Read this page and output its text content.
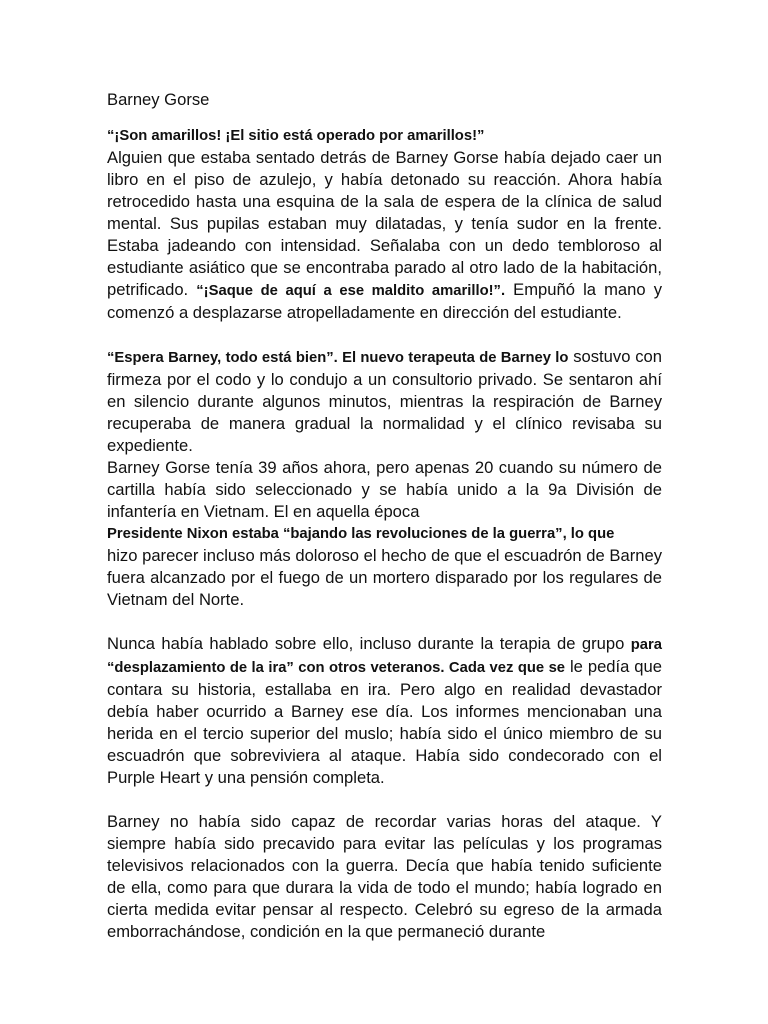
Barney Gorse

“¡Son amarillos! ¡El sitio está operado por amarillos!”

Alguien que estaba sentado detrás de Barney Gorse había dejado caer un libro en el piso de azulejo, y había detonado su reacción. Ahora había retrocedido hasta una esquina de la sala de espera de la clínica de salud mental. Sus pupilas estaban muy dilatadas, y tenía sudor en la frente. Estaba jadeando con intensidad. Señalaba con un dedo tembloroso al estudiante asiático que se encontraba parado al otro lado de la habitación, petrificado. “¡Saque de aquí a ese maldito amarillo!”. Empuñó la mano y comenzó a desplazarse atropelladamente en dirección del estudiante.

“Espera Barney, todo está bien”. El nuevo terapeuta de Barney lo sostuvo con firmeza por el codo y lo condujo a un consultorio privado. Se sentaron ahí en silencio durante algunos minutos, mientras la respiración de Barney recuperaba de manera gradual la normalidad y el clínico revisaba su expediente.

Barney Gorse tenía 39 años ahora, pero apenas 20 cuando su número de cartilla había sido seleccionado y se había unido a la 9a División de infantería en Vietnam. El en aquella época
Presidente Nixon estaba “bajando las revoluciones de la guerra”, lo que
hizo parecer incluso más doloroso el hecho de que el escuadrón de Barney fuera alcanzado por el fuego de un mortero disparado por los regulares de Vietnam del Norte.

Nunca había hablado sobre ello, incluso durante la terapia de grupo para “desplazamiento de la ira” con otros veteranos. Cada vez que se le pedía que contara su historia, estallaba en ira. Pero algo en realidad devastador debía haber ocurrido a Barney ese día. Los informes mencionaban una herida en el tercio superior del muslo; había sido el único miembro de su escuadrón que sobreviviera al ataque. Había sido condecorado con el Purple Heart y una pensión completa.

Barney no había sido capaz de recordar varias horas del ataque. Y siempre había sido precavido para evitar las películas y los programas televisivos relacionados con la guerra. Decía que había tenido suficiente de ella, como para que durara la vida de todo el mundo; había logrado en cierta medida evitar pensar al respecto. Celebró su egreso de la armada emborrachándose, condición en la que permaneció durante
